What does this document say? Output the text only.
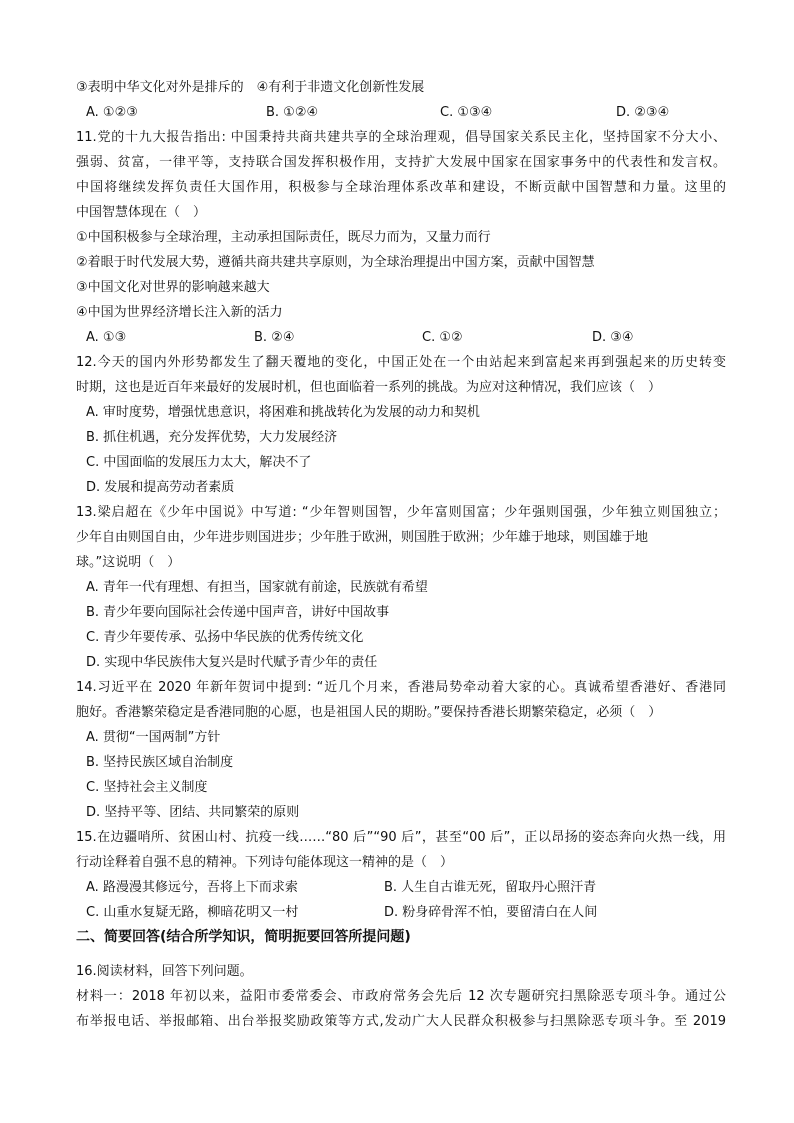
③表明中华文化对外是排斥的　④有利于非遗文化创新性发展
A. ①②③	B. ①②④	C. ①③④	D. ②③④
11.党的十九大报告指出: 中国秉持共商共建共享的全球治理观，倡导国家关系民主化，坚持国家不分大小、
强弱、贫富，一律平等，支持联合国发挥积极作用，支持扩大发展中国家在国家事务中的代表性和发言权。
中国将继续发挥负责任大国作用，积极参与全球治理体系改革和建设，不断贡献中国智慧和力量。这里的
中国智慧体现在（　）
①中国积极参与全球治理，主动承担国际责任，既尽力而为，又量力而行
②着眼于时代发展大势，遵循共商共建共享原则，为全球治理提出中国方案，贡献中国智慧
③中国文化对世界的影响越来越大
④中国为世界经济增长注入新的活力
A. ①③	B. ②④	C. ①②	D. ③④
12.今天的国内外形势都发生了翻天覆地的变化，中国正处在一个由站起来到富起来再到强起来的历史转变
时期，这也是近百年来最好的发展时机，但也面临着一系列的挑战。为应对这种情况，我们应该（　）
A. 审时度势，增强忧患意识，将困难和挑战转化为发展的动力和契机
B. 抓住机遇，充分发挥优势，大力发展经济
C. 中国面临的发展压力太大，解决不了
D. 发展和提高劳动者素质
13.梁启超在《少年中国说》中写道: “少年智则国智，少年富则国富；少年强则国强，少年独立则国独立；
少年自由则国自由，少年进步则国进步；少年胜于欧洲，则国胜于欧洲；少年雄于地球，则国雄于地
球。”这说明（　）
A. 青年一代有理想、有担当，国家就有前途，民族就有希望
B. 青少年要向国际社会传递中国声音，讲好中国故事
C. 青少年要传承、弘扬中华民族的优秀传统文化
D. 实现中华民族伟大复兴是时代赋予青少年的责任
14.习近平在 2020 年新年贺词中提到: “近几个月来，香港局势牵动着大家的心。真诚希望香港好、香港同
胞好。香港繁荣稳定是香港同胞的心愿，也是祖国人民的期盼。”要保持香港长期繁荣稳定，必须（　）
A. 贯彻“一国两制”方针
B. 坚持民族区域自治制度
C. 坚持社会主义制度
D. 坚持平等、团结、共同繁荣的原则
15.在边疆哨所、贫困山村、抗疫一线……“80 后”“90 后”，甚至“00 后”，正以昂扬的姿态奔向火热一线，用
行动诠释着自强不息的精神。下列诗句能体现这一精神的是（　）
A. 路漫漫其修远兮，吾将上下而求索	B. 人生自古谁无死，留取丹心照汗青
C. 山重水复疑无路，柳暗花明又一村	D. 粉身碎骨浑不怕，要留清白在人间
二、简要回答(结合所学知识，简明扼要回答所提问题)
16.阅读材料，回答下列问题。
材料一：2018 年初以来，益阳市委常委会、市政府常务会先后 12 次专题研究扫黑除恶专项斗争。通过公
布举报电话、举报邮箱、出台举报奖励政策等方式,发动广大人民群众积极参与扫黑除恶专项斗争。至 2019
